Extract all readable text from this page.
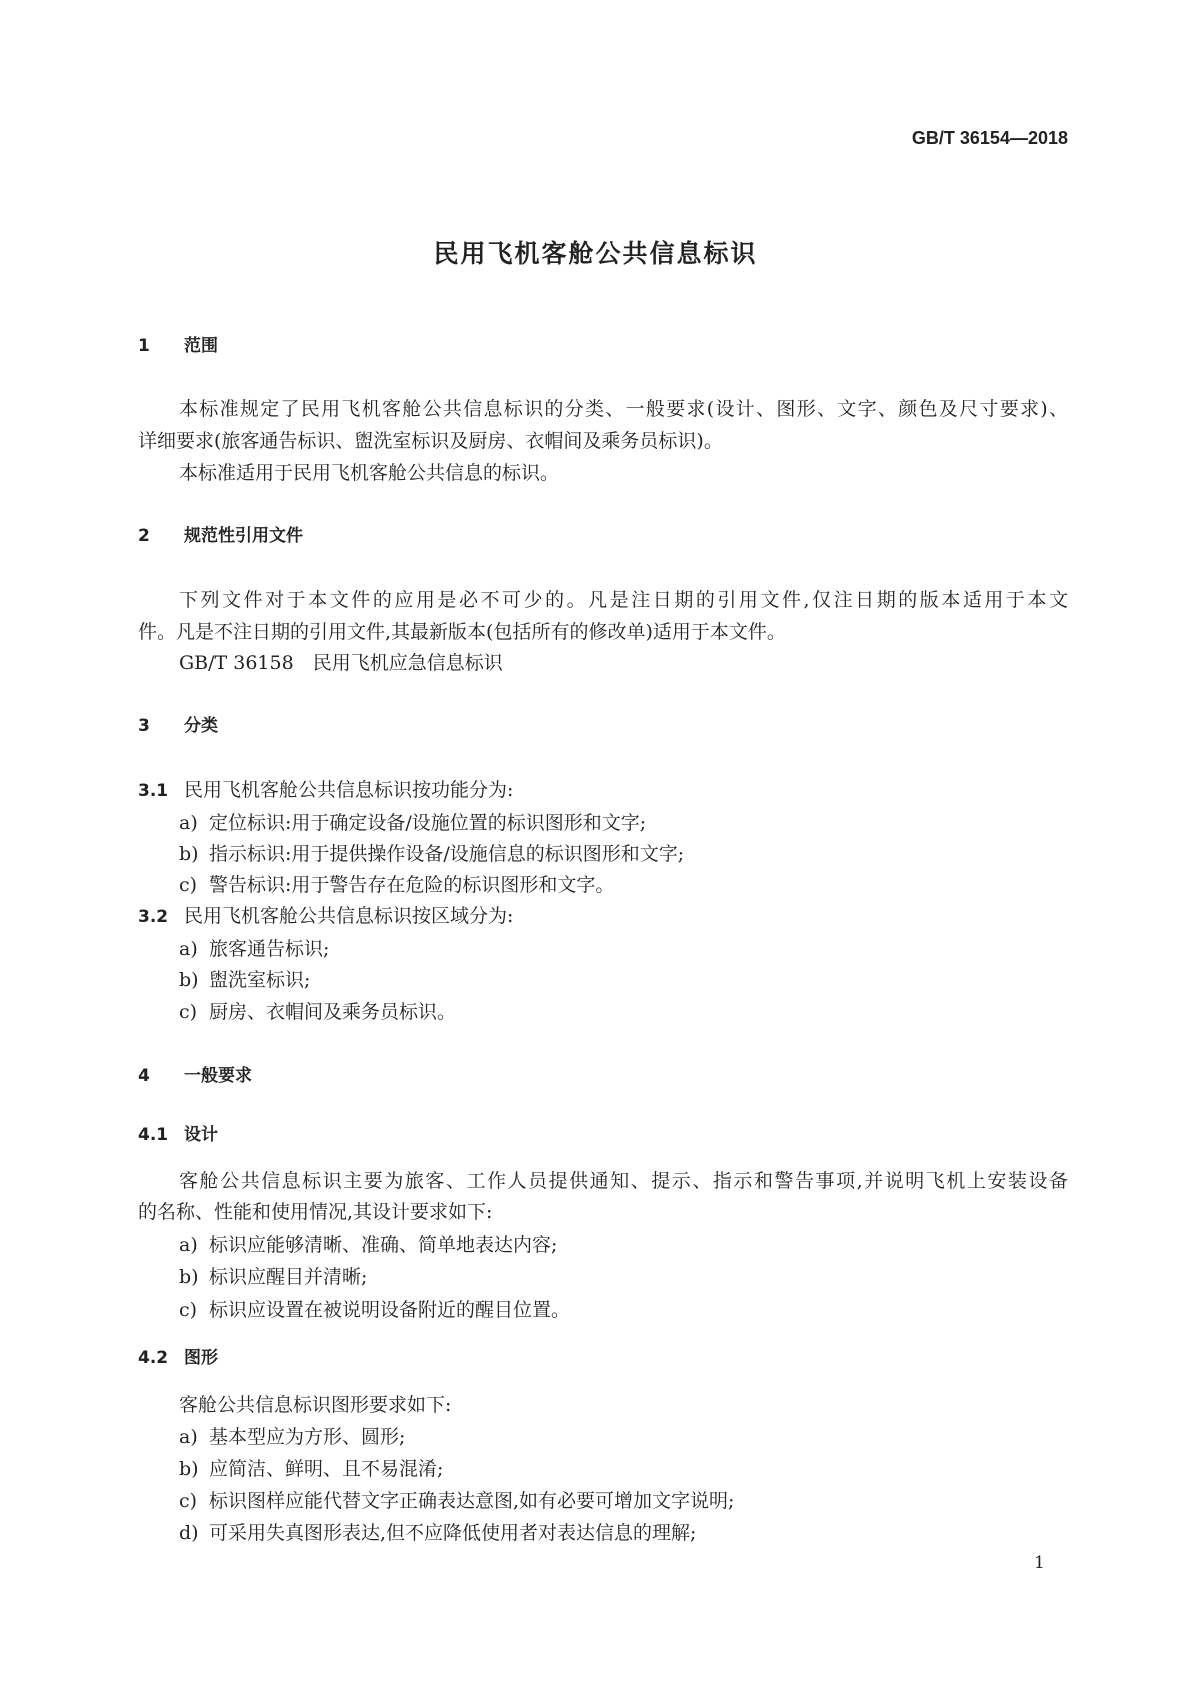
GB/T 36154—2018
民用飞机客舱公共信息标识
1 范围
本标准规定了民用飞机客舱公共信息标识的分类、一般要求(设计、图形、文字、颜色及尺寸要求)、
详细要求(旅客通告标识、盥洗室标识及厨房、衣帽间及乘务员标识)。
本标准适用于民用飞机客舱公共信息的标识。
2 规范性引用文件
下列文件对于本文件的应用是必不可少的。凡是注日期的引用文件,仅注日期的版本适用于本文
件。凡是不注日期的引用文件,其最新版本(包括所有的修改单)适用于本文件。
GB/T 36158  民用飞机应急信息标识
3 分类
3.1 民用飞机客舱公共信息标识按功能分为:
a) 定位标识:用于确定设备/设施位置的标识图形和文字;
b) 指示标识:用于提供操作设备/设施信息的标识图形和文字;
c) 警告标识:用于警告存在危险的标识图形和文字。
3.2 民用飞机客舱公共信息标识按区域分为:
a) 旅客通告标识;
b) 盥洗室标识;
c) 厨房、衣帽间及乘务员标识。
4 一般要求
4.1 设计
客舱公共信息标识主要为旅客、工作人员提供通知、提示、指示和警告事项,并说明飞机上安装设备
的名称、性能和使用情况,其设计要求如下:
a) 标识应能够清晰、准确、简单地表达内容;
b) 标识应醒目并清晰;
c) 标识应设置在被说明设备附近的醒目位置。
4.2 图形
客舱公共信息标识图形要求如下:
a) 基本型应为方形、圆形;
b) 应简洁、鲜明、且不易混淆;
c) 标识图样应能代替文字正确表达意图,如有必要可增加文字说明;
d) 可采用失真图形表达,但不应降低使用者对表达信息的理解;
1
